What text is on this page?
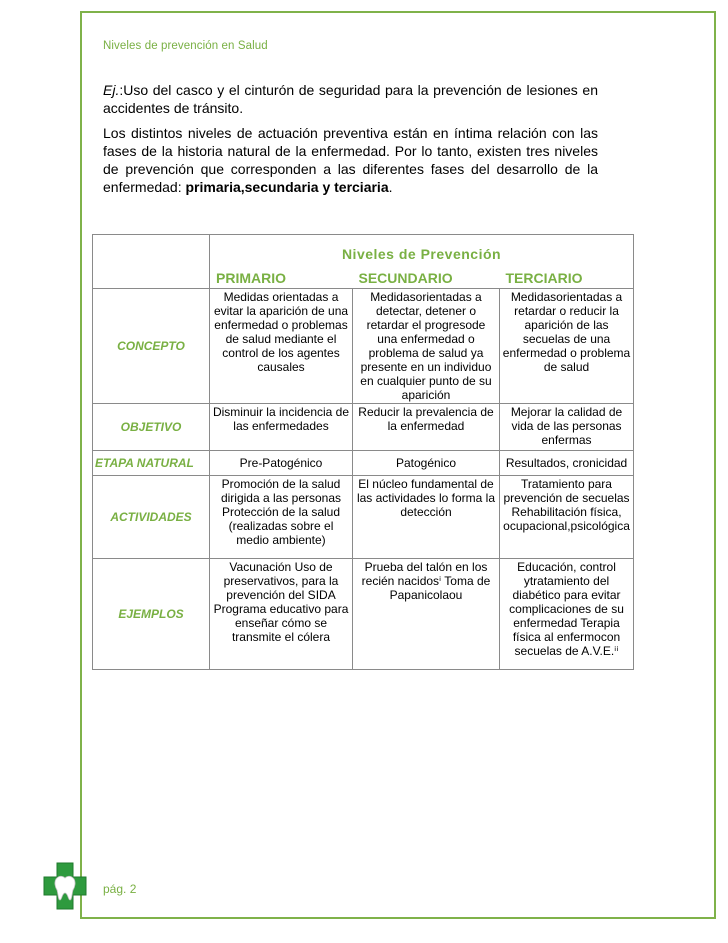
Niveles de prevención en Salud
Ej.:Uso del casco y el cinturón de seguridad para la prevención de lesiones en accidentes de tránsito.
Los distintos niveles de actuación preventiva están en íntima relación con las fases de la historia natural de la enfermedad. Por lo tanto, existen tres niveles de prevención que corresponden a las diferentes fases del desarrollo de la enfermedad: primaria,secundaria y terciaria.
	Niveles de Prevención		
	PRIMARIO	SECUNDARIO	TERCIARIO
CONCEPTO	Medidas orientadas a evitar la aparición de una enfermedad o problemas de salud mediante el control de los agentes causales	Medidasorientadas a detectar, detener o retardar el progresode una enfermedad o problema de salud ya presente en un individuo en cualquier punto de su aparición	Medidasorientadas a retardar o reducir la aparición de las secuelas de una enfermedad o problema de salud
OBJETIVO	Disminuir la incidencia de las enfermedades	Reducir la prevalencia de la enfermedad	Mejorar la calidad de vida de las personas enfermas
ETAPA NATURAL	Pre-Patogénico	Patogénico	Resultados, cronicidad
ACTIVIDADES	Promoción de la salud dirigida a las personas Protección de la salud (realizadas sobre el medio ambiente)	El núcleo fundamental de las actividades lo forma la detección	Tratamiento para prevención de secuelas Rehabilitación física, ocupacional,psicológica
EJEMPLOS	Vacunación Uso de preservativos, para la prevención del SIDA Programa educativo para enseñar cómo se transmite el cólera	Prueba del talón en los recién nacidosⁱ Toma de Papanicolaou	Educación, control ytratamiento del diabético para evitar complicaciones de su enfermedad Terapia física al enfermocon secuelas de A.V.E.ⁱⁱ
pág. 2
